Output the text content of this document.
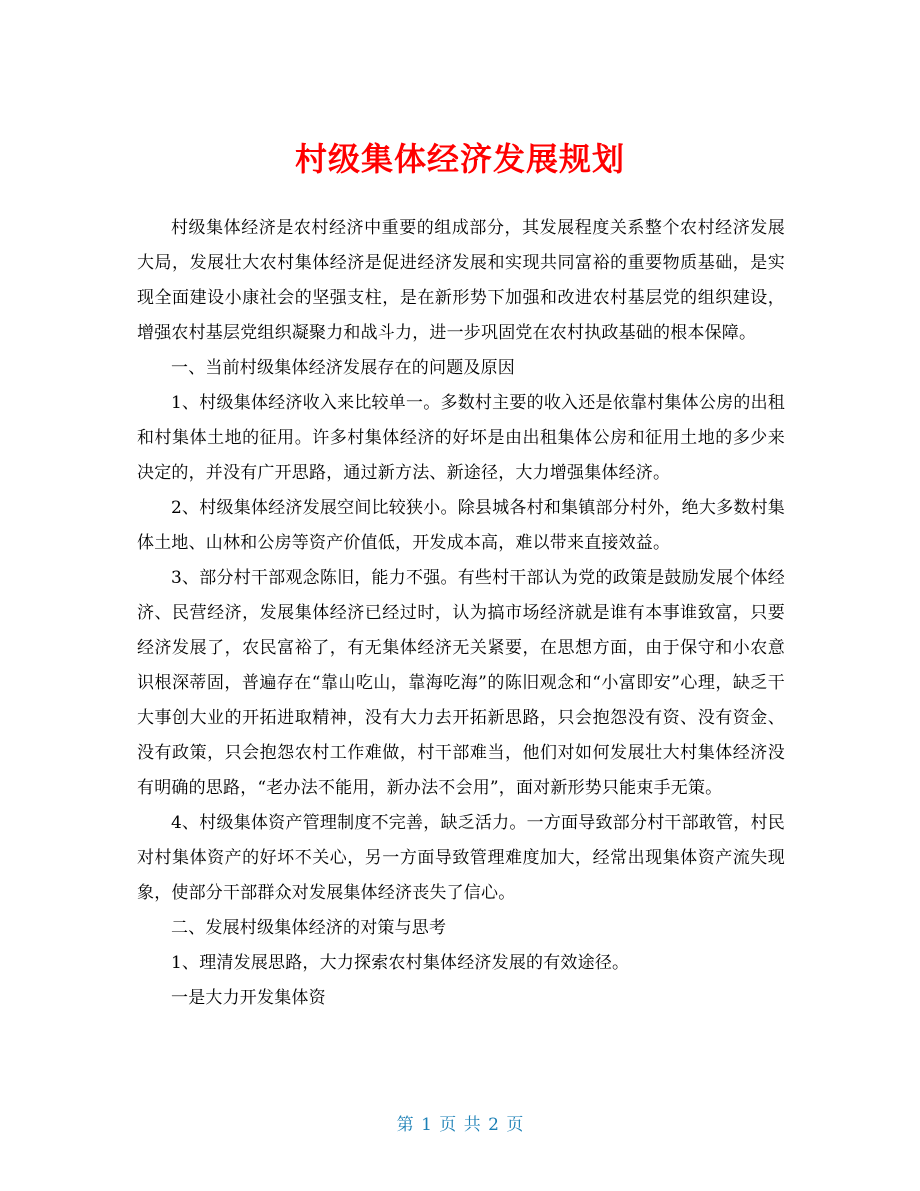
村级集体经济发展规划

村级集体经济是农村经济中重要的组成部分，其发展程度关系整个农村经济发展大局，发展壮大农村集体经济是促进经济发展和实现共同富裕的重要物质基础，是实现全面建设小康社会的坚强支柱，是在新形势下加强和改进农村基层党的组织建设，增强农村基层党组织凝聚力和战斗力，进一步巩固党在农村执政基础的根本保障。

一、当前村级集体经济发展存在的问题及原因

1、村级集体经济收入来比较单一。多数村主要的收入还是依靠村集体公房的出租和村集体土地的征用。许多村集体经济的好坏是由出租集体公房和征用土地的多少来决定的，并没有广开思路，通过新方法、新途径，大力增强集体经济。

2、村级集体经济发展空间比较狭小。除县城各村和集镇部分村外，绝大多数村集体土地、山林和公房等资产价值低，开发成本高，难以带来直接效益。

3、部分村干部观念陈旧，能力不强。有些村干部认为党的政策是鼓励发展个体经济、民营经济，发展集体经济已经过时，认为搞市场经济就是谁有本事谁致富，只要经济发展了，农民富裕了，有无集体经济无关紧要，在思想方面，由于保守和小农意识根深蒂固，普遍存在“靠山吃山，靠海吃海”的陈旧观念和“小富即安”心理，缺乏干大事创大业的开拓进取精神，没有大力去开拓新思路，只会抱怨没有资、没有资金、没有政策，只会抱怨农村工作难做，村干部难当，他们对如何发展壮大村集体经济没有明确的思路，“老办法不能用，新办法不会用”，面对新形势只能束手无策。

4、村级集体资产管理制度不完善，缺乏活力。一方面导致部分村干部敢管，村民对村集体资产的好坏不关心，另一方面导致管理难度加大，经常出现集体资产流失现象，使部分干部群众对发展集体经济丧失了信心。

二、发展村级集体经济的对策与思考

1、理清发展思路，大力探索农村集体经济发展的有效途径。

一是大力开发集体资

第 1 页 共 2 页
